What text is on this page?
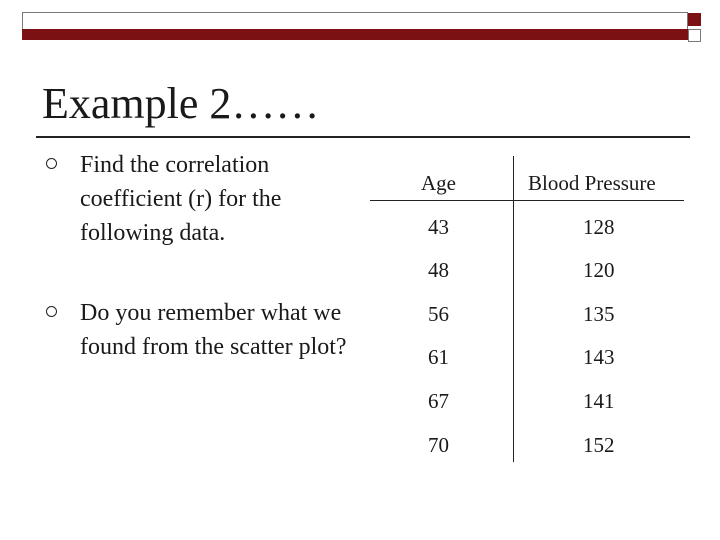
Example 2……
Find the correlation coefficient (r) for the following data.
Do you remember what we found from the scatter plot?
Age	Blood Pressure
43	128
48	120
56	135
61	143
67	141
70	152
